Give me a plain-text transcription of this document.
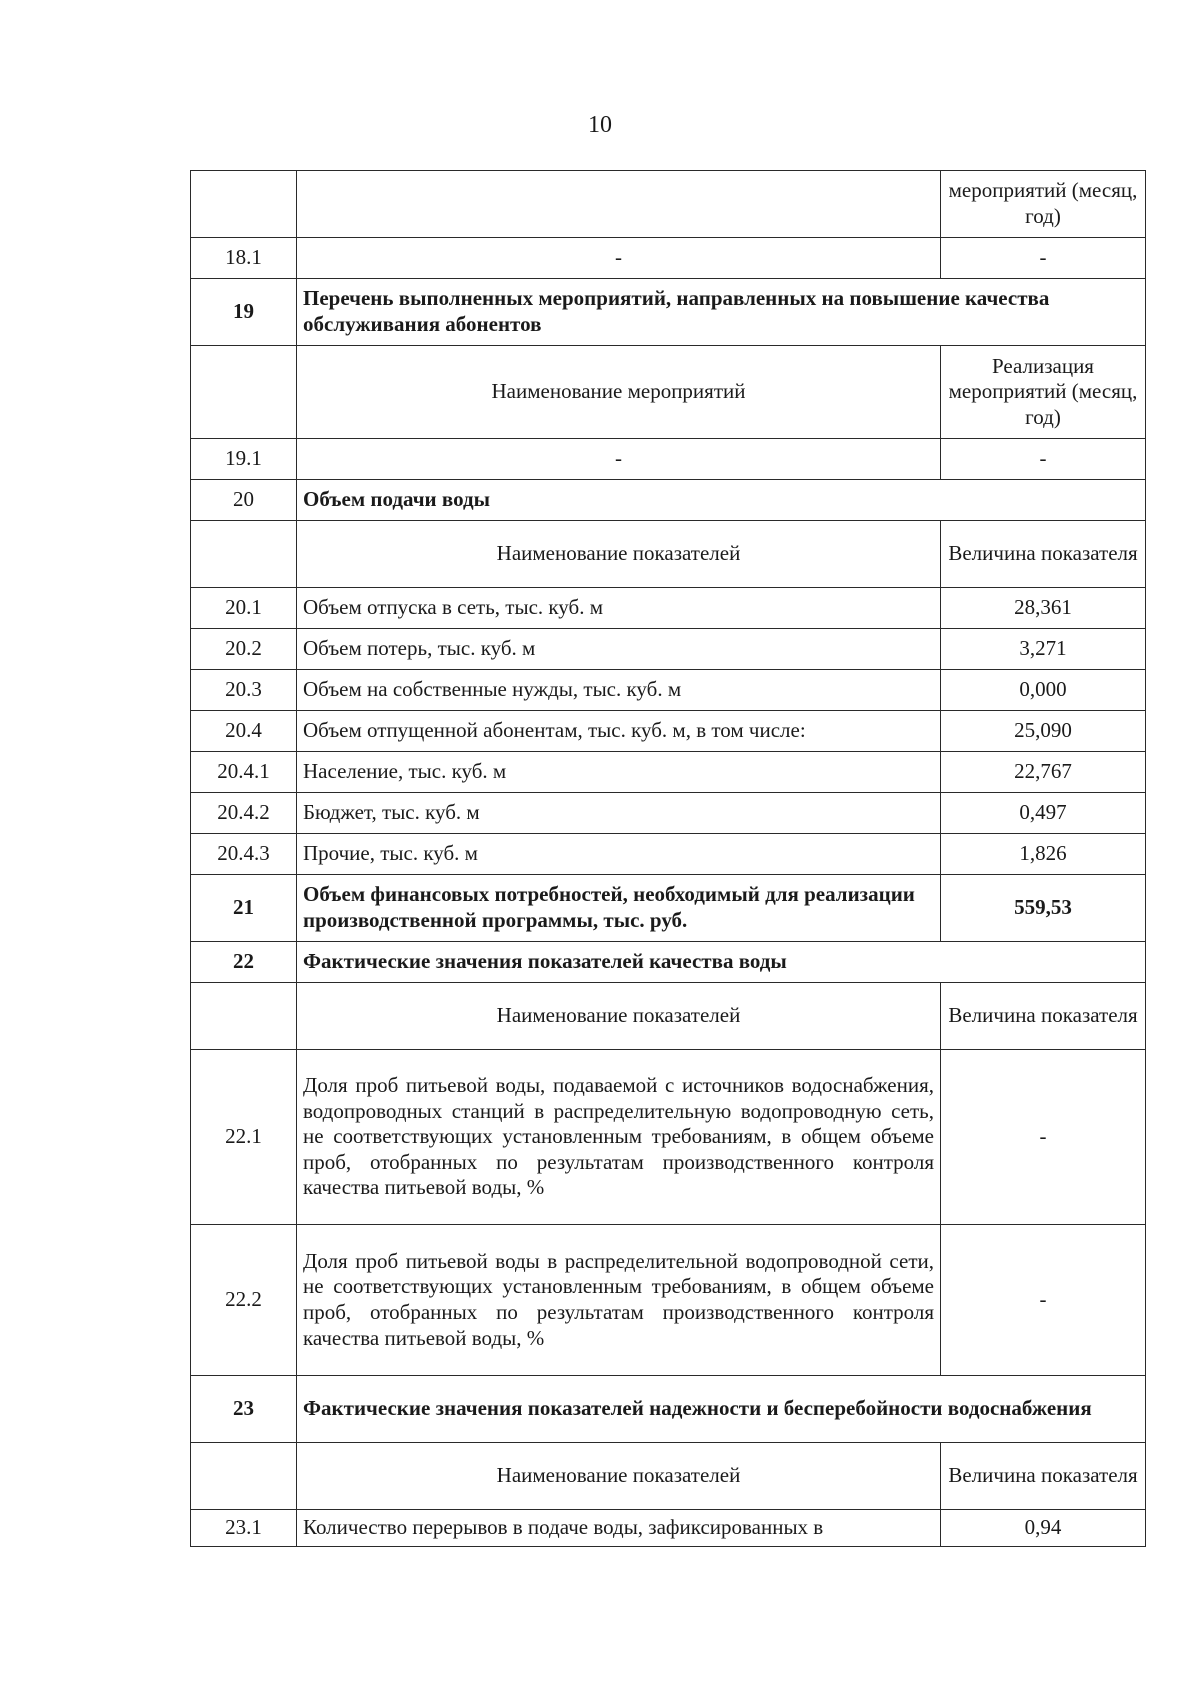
10
		мероприятий (месяц, год)
18.1	-	-
19	Перечень выполненных мероприятий, направленных на повышение качества обслуживания абонентов	
	Наименование мероприятий	Реализация мероприятий (месяц, год)
19.1	-	-
20	Объем подачи воды	
	Наименование показателей	Величина показателя
20.1	Объем отпуска в сеть, тыс. куб. м	28,361
20.2	Объем потерь, тыс. куб. м	3,271
20.3	Объем на собственные нужды, тыс. куб. м	0,000
20.4	Объем отпущенной абонентам, тыс. куб. м, в том числе:	25,090
20.4.1	Население, тыс. куб. м	22,767
20.4.2	Бюджет, тыс. куб. м	0,497
20.4.3	Прочие, тыс. куб. м	1,826
21	Объем финансовых потребностей, необходимый для реализации производственной программы, тыс. руб.	559,53
22	Фактические значения показателей качества воды	
	Наименование показателей	Величина показателя
22.1	Доля проб питьевой воды, подаваемой с источников водоснабжения, водопроводных станций в распределительную водопроводную сеть, не соответствующих установленным требованиям, в общем объеме проб, отобранных по результатам производственного контроля качества питьевой воды, %	-
22.2	Доля проб питьевой воды в распределительной водопроводной сети, не соответствующих установленным требованиям, в общем объеме проб, отобранных по результатам производственного контроля качества питьевой воды, %	-
23	Фактические значения показателей надежности и бесперебойности водоснабжения	
	Наименование показателей	Величина показателя
23.1	Количество перерывов в подаче воды, зафиксированных в	0,94
